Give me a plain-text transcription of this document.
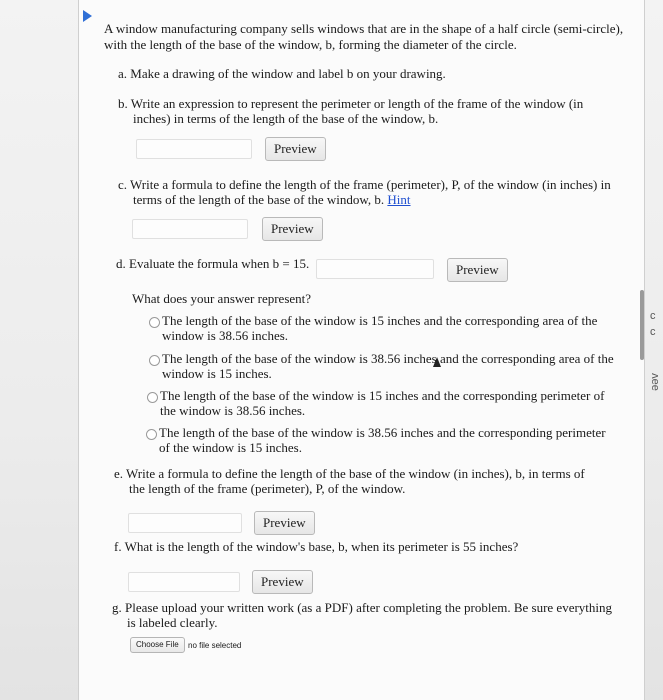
A window manufacturing company sells windows that are in the shape of a half circle (semi-circle),
with the length of the base of the window, b, forming the diameter of the circle.
a. Make a drawing of the window and label b on your drawing.
b. Write an expression to represent the perimeter or length of the frame of the window (in
inches) in terms of the length of the base of the window, b.
Preview
c. Write a formula to define the length of the frame (perimeter), P, of the window (in inches) in
terms of the length of the base of the window, b. Hint
Preview
d. Evaluate the formula when b = 15.	Preview
What does your answer represent?
The length of the base of the window is 15 inches and the corresponding area of the
window is 38.56 inches.
The length of the base of the window is 38.56 inches and the corresponding area of the
window is 15 inches.
The length of the base of the window is 15 inches and the corresponding perimeter of
the window is 38.56 inches.
The length of the base of the window is 38.56 inches and the corresponding perimeter
of the window is 15 inches.
e. Write a formula to define the length of the base of the window (in inches), b, in terms of
the length of the frame (perimeter), P, of the window.
Preview
f. What is the length of the window's base, b, when its perimeter is 55 inches?
Preview
g. Please upload your written work (as a PDF) after completing the problem. Be sure everything
is labeled clearly.
Choose File	no file selected
c
c
ʌee
